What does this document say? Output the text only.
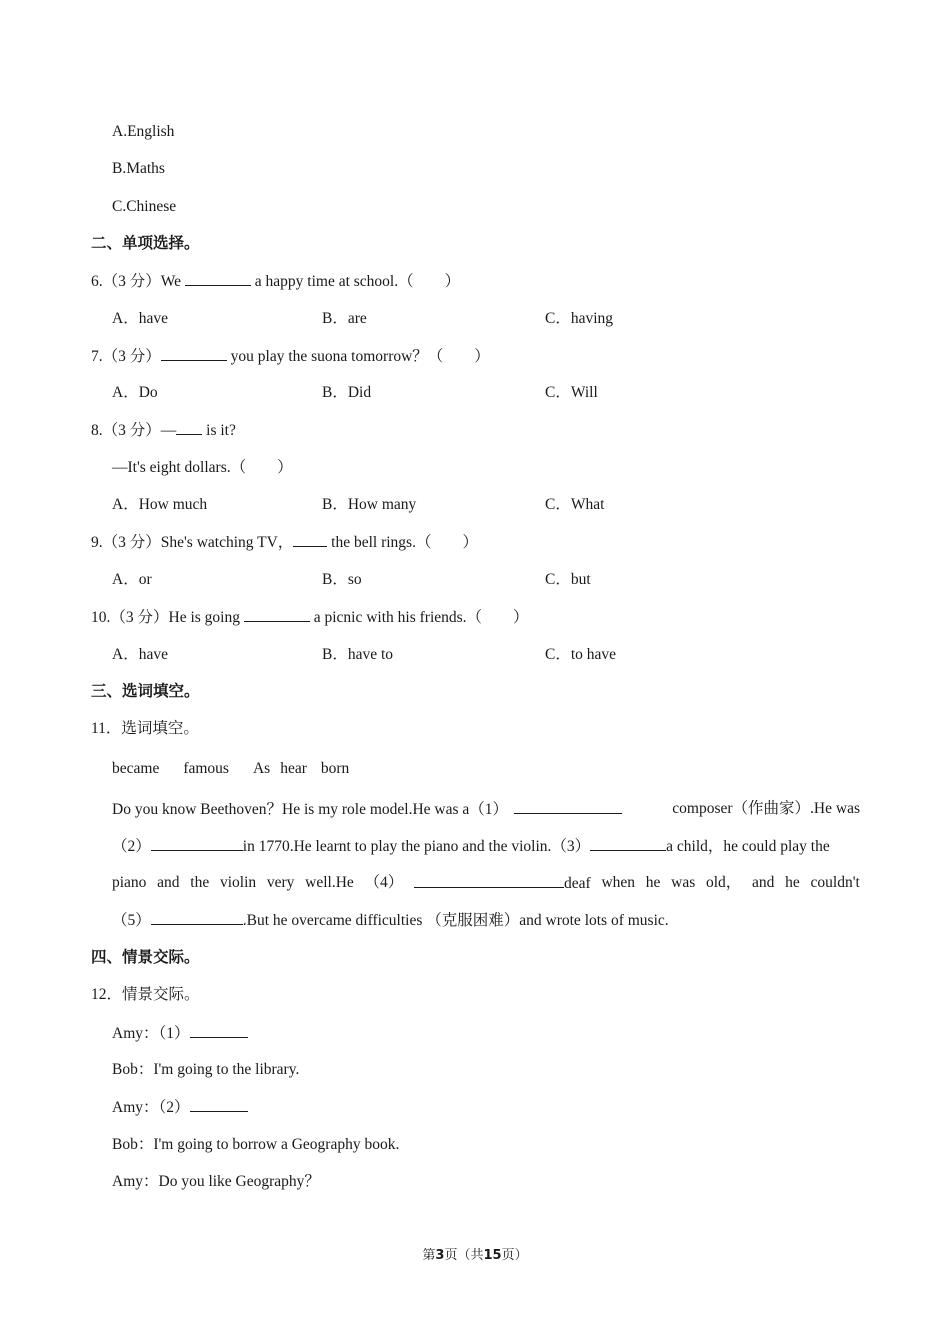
A.English
B.Maths
C.Chinese
二、单项选择。
6.（3 分）We	a happy time at school.（　　）
A．have	B．are	C．having
7.（3 分）	you play the suona tomorrow？（　　）
A．Do	B．Did	C．Will
8.（3 分）— is it?
—It's eight dollars.（　　）
A．How much	B．How many	C．What
9.（3 分）She's watching TV， the bell rings.（　　）
A．or	B．so	C．but
10.（3 分）He is going	a picnic with his friends.（　　）
A．have	B．have to	C．to have
三、选词填空。
11．选词填空。
became famous As hear born
Do you know Beethoven？He is my role model.He was a（1）	composer（作曲家）.He was
（2）	in 1770.He learnt to play the piano and the violin.（3）	a child，he could play the
piano and the violin very well.He （4）	deaf when he was old， and he couldn't
（5）	.But he overcame difficulties （克服困难）and wrote lots of music.
四、情景交际。
12．情景交际。
Amy：（1）
Bob：I'm going to the library.
Amy：（2）
Bob：I'm going to borrow a Geography book.
Amy：Do you like Geography？
第3页（共15页）
